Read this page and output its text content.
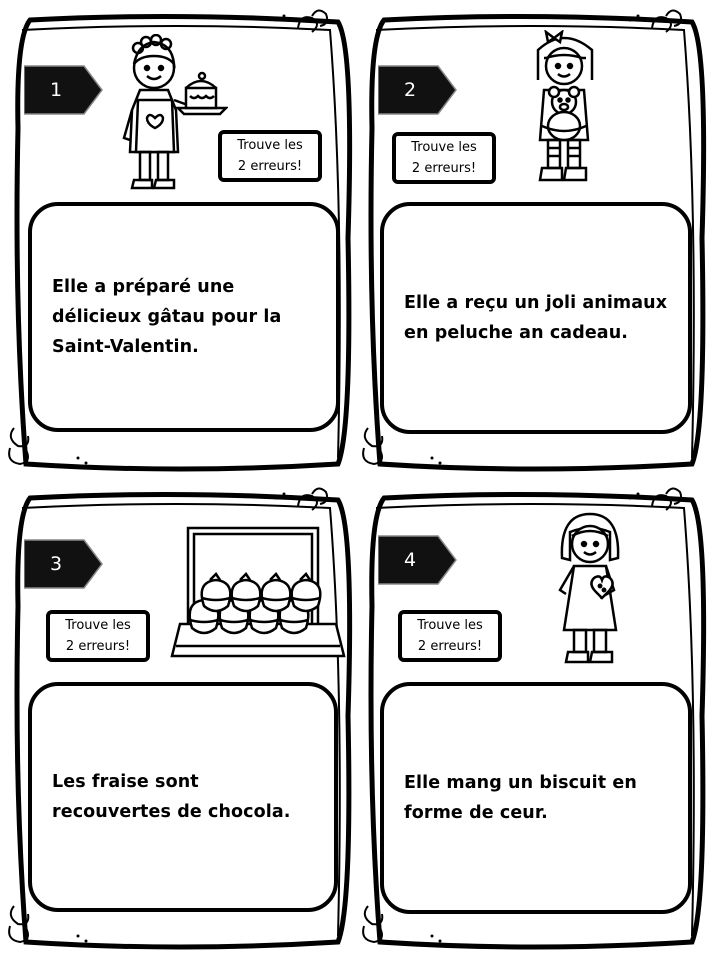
1
Trouve les
2 erreurs!
Elle a préparé une délicieux gâtau pour la Saint-Valentin.
2
Trouve les
2 erreurs!
Elle a reçu un joli animaux en peluche an cadeau.
3
Trouve les
2 erreurs!
Les fraise sont recouvertes de chocola.
4
Trouve les
2 erreurs!
Elle mang un biscuit en forme de ceur.
